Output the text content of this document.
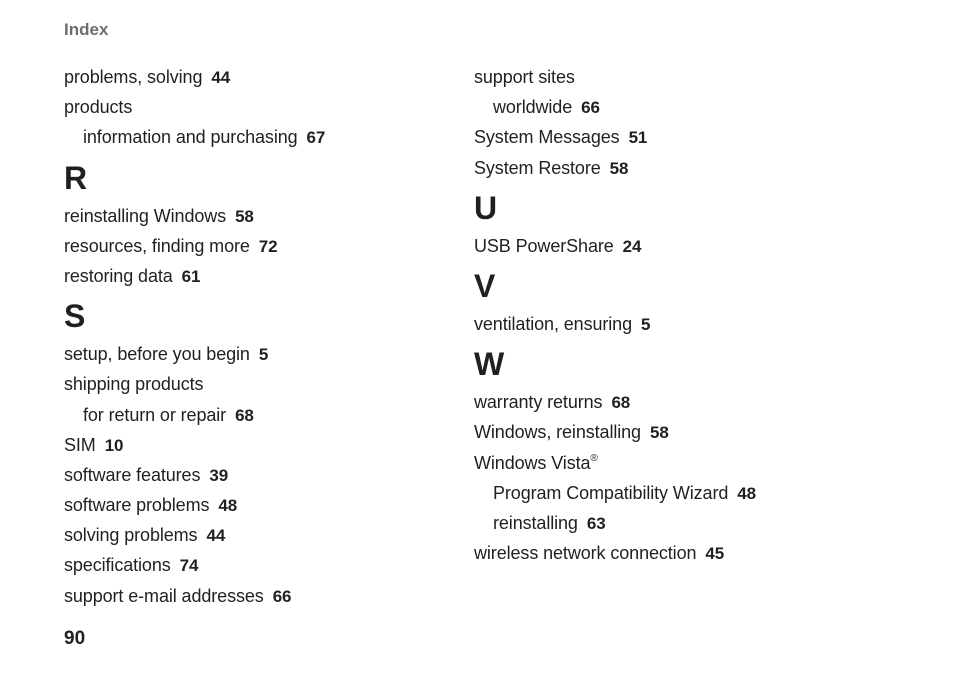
Index
problems, solving 44
products
information and purchasing 67
R
reinstalling Windows 58
resources, finding more 72
restoring data 61
S
setup, before you begin 5
shipping products
for return or repair 68
SIM 10
software features 39
software problems 48
solving problems 44
specifications 74
support e-mail addresses 66
support sites
worldwide 66
System Messages 51
System Restore 58
U
USB PowerShare 24
V
ventilation, ensuring 5
W
warranty returns 68
Windows, reinstalling 58
Windows Vista®
Program Compatibility Wizard 48
reinstalling 63
wireless network connection 45
90
